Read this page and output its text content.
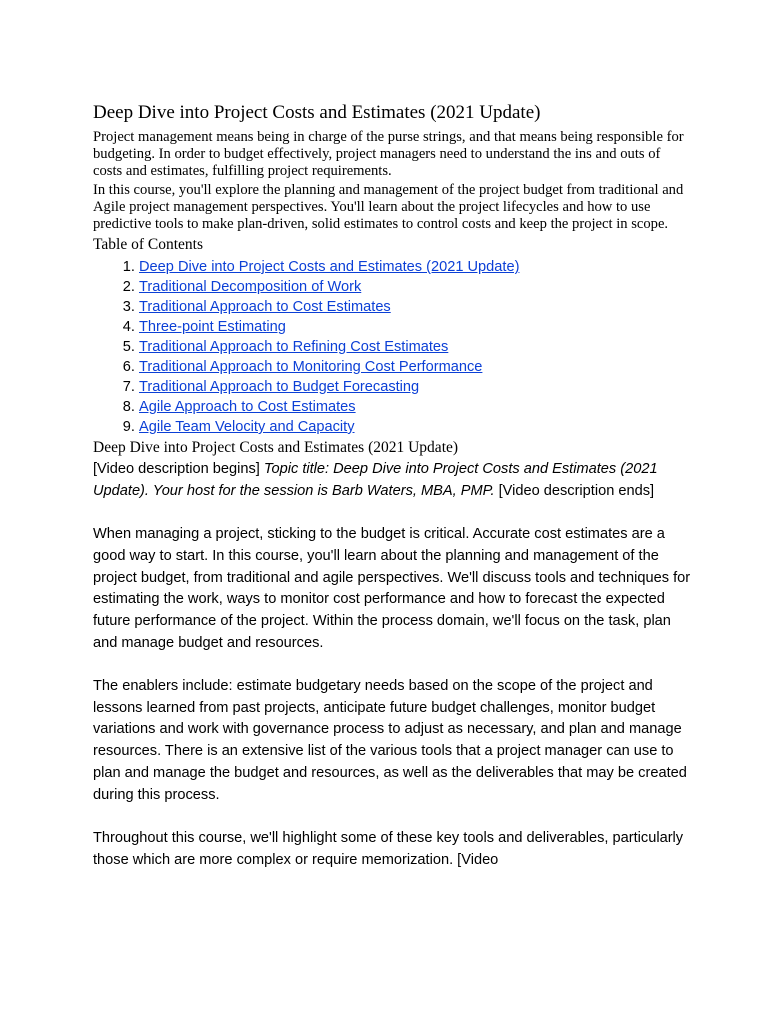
Deep Dive into Project Costs and Estimates (2021 Update)

Project management means being in charge of the purse strings, and that means being responsible for budgeting. In order to budget effectively, project managers need to understand the ins and outs of costs and estimates, fulfilling project requirements.

In this course, you'll explore the planning and management of the project budget from traditional and Agile project management perspectives. You'll learn about the project lifecycles and how to use predictive tools to make plan-driven, solid estimates to control costs and keep the project in scope.

Table of Contents
1. Deep Dive into Project Costs and Estimates (2021 Update)
2. Traditional Decomposition of Work
3. Traditional Approach to Cost Estimates
4. Three-point Estimating
5. Traditional Approach to Refining Cost Estimates
6. Traditional Approach to Monitoring Cost Performance
7. Traditional Approach to Budget Forecasting
8. Agile Approach to Cost Estimates
9. Agile Team Velocity and Capacity
Deep Dive into Project Costs and Estimates (2021 Update)

[Video description begins] Topic title: Deep Dive into Project Costs and Estimates (2021 Update). Your host for the session is Barb Waters, MBA, PMP. [Video description ends]

When managing a project, sticking to the budget is critical. Accurate cost estimates are a good way to start. In this course, you'll learn about the planning and management of the project budget, from traditional and agile perspectives. We'll discuss tools and techniques for estimating the work, ways to monitor cost performance and how to forecast the expected future performance of the project. Within the process domain, we'll focus on the task, plan and manage budget and resources.

The enablers include: estimate budgetary needs based on the scope of the project and lessons learned from past projects, anticipate future budget challenges, monitor budget variations and work with governance process to adjust as necessary, and plan and manage resources. There is an extensive list of the various tools that a project manager can use to plan and manage the budget and resources, as well as the deliverables that may be created during this process.

Throughout this course, we'll highlight some of these key tools and deliverables, particularly those which are more complex or require memorization. [Video
